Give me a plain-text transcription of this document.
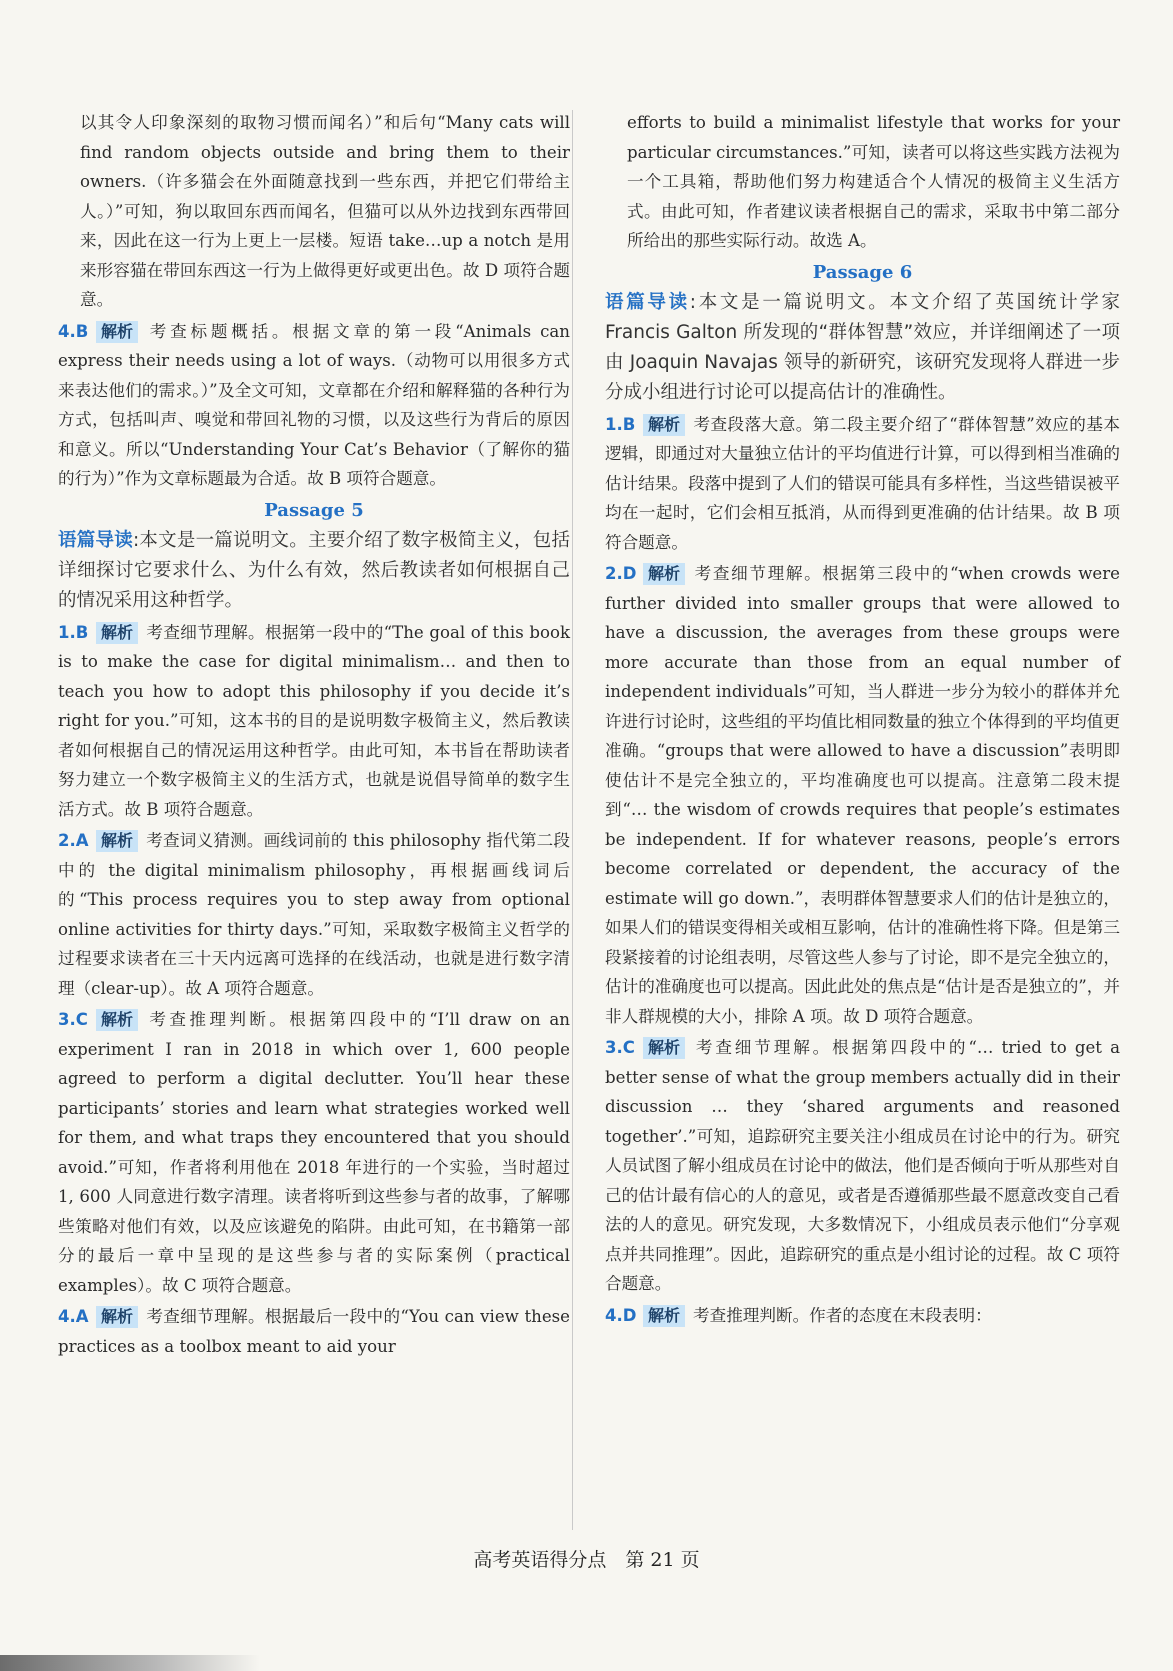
以其令人印象深刻的取物习惯而闻名）”和后句“Many cats will find random objects outside and bring them to their owners.（许多猫会在外面随意找到一些东西，并把它们带给主人。）”可知，狗以取回东西而闻名，但猫可以从外边找到东西带回来，因此在这一行为上更上一层楼。短语 take…up a notch 是用来形容猫在带回东西这一行为上做得更好或更出色。故 D 项符合题意。

4.B 解析 考查标题概括。根据文章的第一段“Animals can express their needs using a lot of ways.（动物可以用很多方式来表达他们的需求。）”及全文可知，文章都在介绍和解释猫的各种行为方式，包括叫声、嗅觉和带回礼物的习惯，以及这些行为背后的原因和意义。所以“Understanding Your Cat’s Behavior（了解你的猫的行为）”作为文章标题最为合适。故 B 项符合题意。

Passage 5

语篇导读:本文是一篇说明文。主要介绍了数字极简主义，包括详细探讨它要求什么、为什么有效，然后教读者如何根据自己的情况采用这种哲学。

1.B 解析 考查细节理解。根据第一段中的“The goal of this book is to make the case for digital minimalism… and then to teach you how to adopt this philosophy if you decide it’s right for you.”可知，这本书的目的是说明数字极简主义，然后教读者如何根据自己的情况运用这种哲学。由此可知，本书旨在帮助读者努力建立一个数字极简主义的生活方式，也就是说倡导简单的数字生活方式。故 B 项符合题意。

2.A 解析 考查词义猜测。画线词前的 this philosophy 指代第二段中的 the digital minimalism philosophy，再根据画线词后的“This process requires you to step away from optional online activities for thirty days.”可知，采取数字极简主义哲学的过程要求读者在三十天内远离可选择的在线活动，也就是进行数字清理（clear-up）。故 A 项符合题意。

3.C 解析 考查推理判断。根据第四段中的“I’ll draw on an experiment I ran in 2018 in which over 1, 600 people agreed to perform a digital declutter. You’ll hear these participants’ stories and learn what strategies worked well for them, and what traps they encountered that you should avoid.”可知，作者将利用他在 2018 年进行的一个实验，当时超过 1, 600 人同意进行数字清理。读者将听到这些参与者的故事，了解哪些策略对他们有效，以及应该避免的陷阱。由此可知，在书籍第一部分的最后一章中呈现的是这些参与者的实际案例（practical examples）。故 C 项符合题意。

4.A 解析 考查细节理解。根据最后一段中的“You can view these practices as a toolbox meant to aid your

efforts to build a minimalist lifestyle that works for your particular circumstances.”可知，读者可以将这些实践方法视为一个工具箱，帮助他们努力构建适合个人情况的极简主义生活方式。由此可知，作者建议读者根据自己的需求，采取书中第二部分所给出的那些实际行动。故选 A。

Passage 6

语篇导读:本文是一篇说明文。本文介绍了英国统计学家 Francis Galton 所发现的“群体智慧”效应，并详细阐述了一项由 Joaquin Navajas 领导的新研究，该研究发现将人群进一步分成小组进行讨论可以提高估计的准确性。

1.B 解析 考查段落大意。第二段主要介绍了“群体智慧”效应的基本逻辑，即通过对大量独立估计的平均值进行计算，可以得到相当准确的估计结果。段落中提到了人们的错误可能具有多样性，当这些错误被平均在一起时，它们会相互抵消，从而得到更准确的估计结果。故 B 项符合题意。

2.D 解析 考查细节理解。根据第三段中的“when crowds were further divided into smaller groups that were allowed to have a discussion, the averages from these groups were more accurate than those from an equal number of independent individuals”可知，当人群进一步分为较小的群体并允许进行讨论时，这些组的平均值比相同数量的独立个体得到的平均值更准确。“groups that were allowed to have a discussion”表明即使估计不是完全独立的，平均准确度也可以提高。注意第二段末提到“… the wisdom of crowds requires that people’s estimates be independent. If for whatever reasons, people’s errors become correlated or dependent, the accuracy of the estimate will go down.”，表明群体智慧要求人们的估计是独立的，如果人们的错误变得相关或相互影响，估计的准确性将下降。但是第三段紧接着的讨论组表明，尽管这些人参与了讨论，即不是完全独立的，估计的准确度也可以提高。因此此处的焦点是“估计是否是独立的”，并非人群规模的大小，排除 A 项。故 D 项符合题意。

3.C 解析 考查细节理解。根据第四段中的“… tried to get a better sense of what the group members actually did in their discussion … they ‘shared arguments and reasoned together’.”可知，追踪研究主要关注小组成员在讨论中的行为。研究人员试图了解小组成员在讨论中的做法，他们是否倾向于听从那些对自己的估计最有信心的人的意见，或者是否遵循那些最不愿意改变自己看法的人的意见。研究发现，大多数情况下，小组成员表示他们“分享观点并共同推理”。因此，追踪研究的重点是小组讨论的过程。故 C 项符合题意。

4.D 解析 考查推理判断。作者的态度在末段表明：

高考英语得分点　第 21 页
